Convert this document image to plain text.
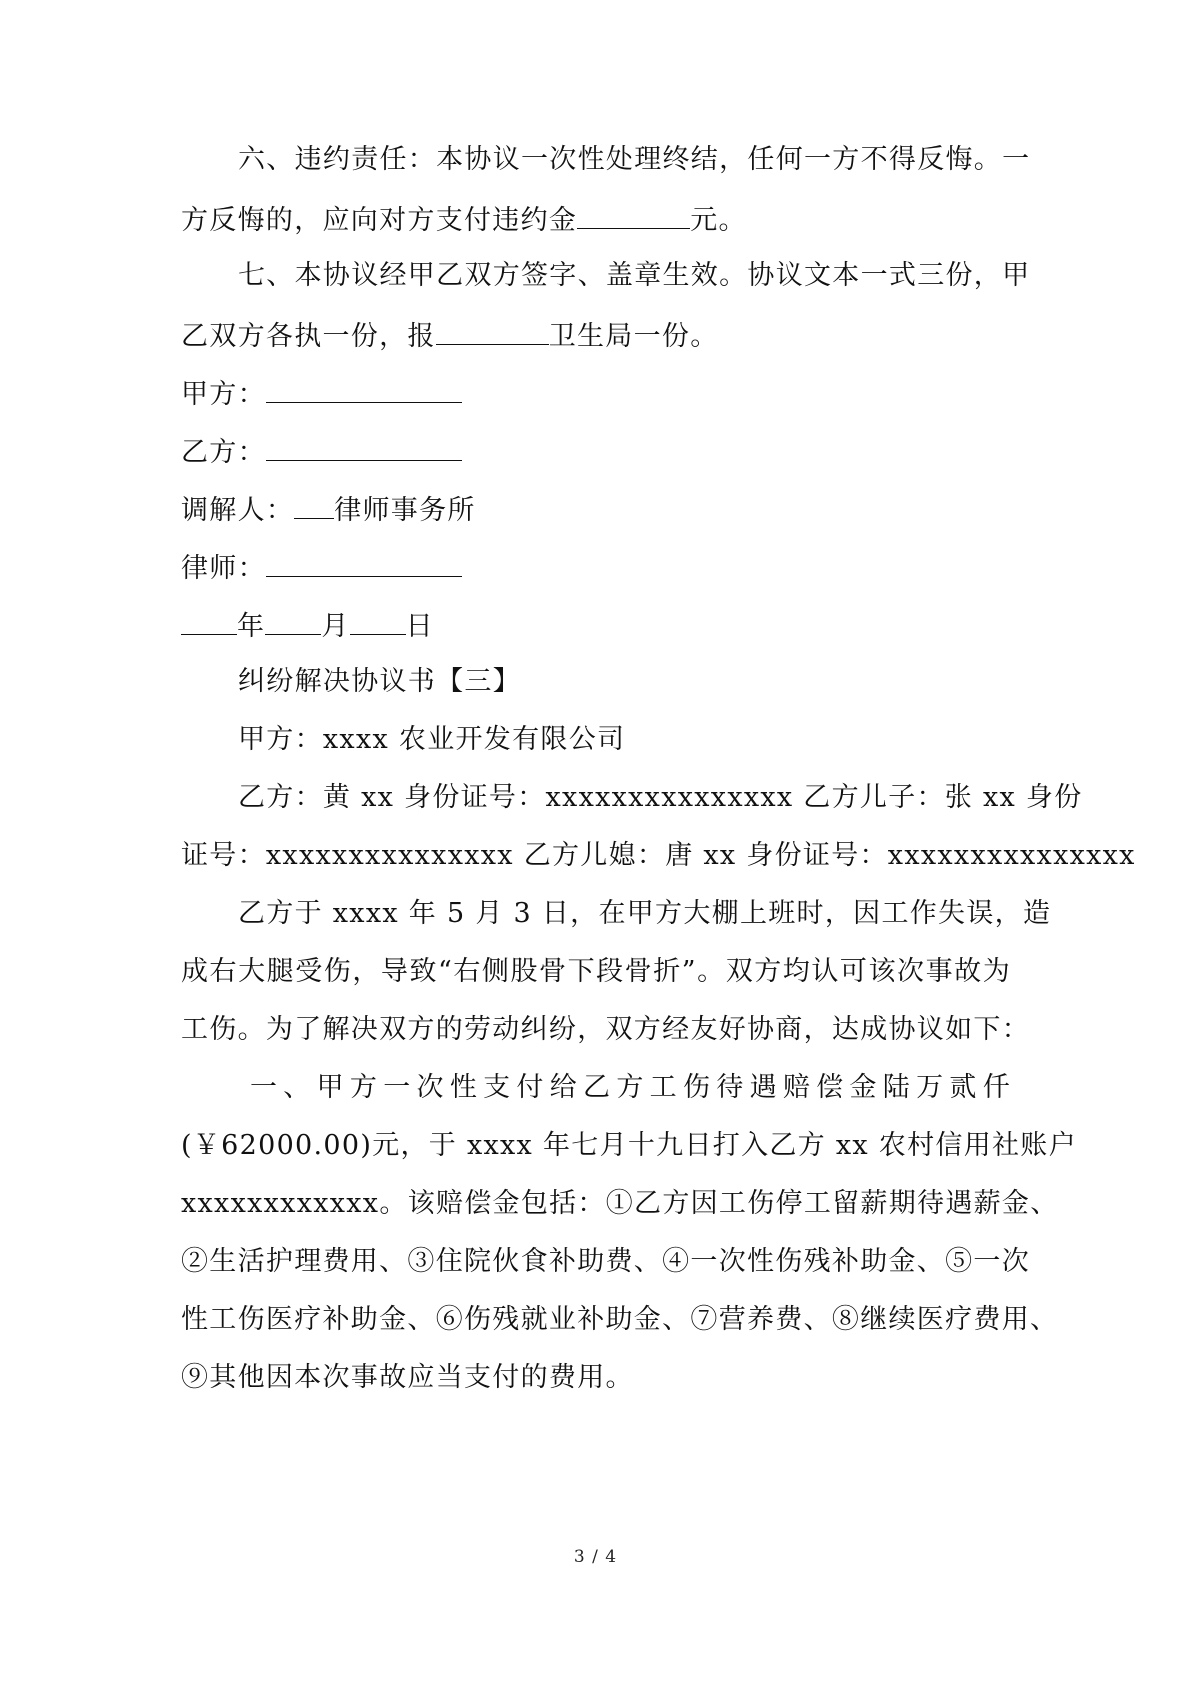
六、违约责任：本协议一次性处理终结，任何一方不得反悔。一
方反悔的，应向对方支付违约金	元。
七、本协议经甲乙双方签字、盖章生效。协议文本一式三份，甲
乙双方各执一份，报	卫生局一份。
甲方：
乙方：
调解人： 律师事务所
律师：
年 月 日
纠纷解决协议书【三】
甲方：xxxx 农业开发有限公司
乙方：黄 xx 身份证号：xxxxxxxxxxxxxxx 乙方儿子：张 xx 身份
证号：xxxxxxxxxxxxxxx 乙方儿媳：唐 xx 身份证号：xxxxxxxxxxxxxxx
乙方于 xxxx 年 5 月 3 日，在甲方大棚上班时，因工作失误，造
成右大腿受伤，导致“右侧股骨下段骨折”。双方均认可该次事故为
工伤。为了解决双方的劳动纠纷，双方经友好协商，达成协议如下：
一、甲方一次性支付给乙方工伤待遇赔偿金陆万贰仟
(￥62000.00)元，于 xxxx 年七月十九日打入乙方 xx 农村信用社账户
xxxxxxxxxxxx。该赔偿金包括：①乙方因工伤停工留薪期待遇薪金、
②生活护理费用、③住院伙食补助费、④一次性伤残补助金、⑤一次
性工伤医疗补助金、⑥伤残就业补助金、⑦营养费、⑧继续医疗费用、
⑨其他因本次事故应当支付的费用。
3 / 4
